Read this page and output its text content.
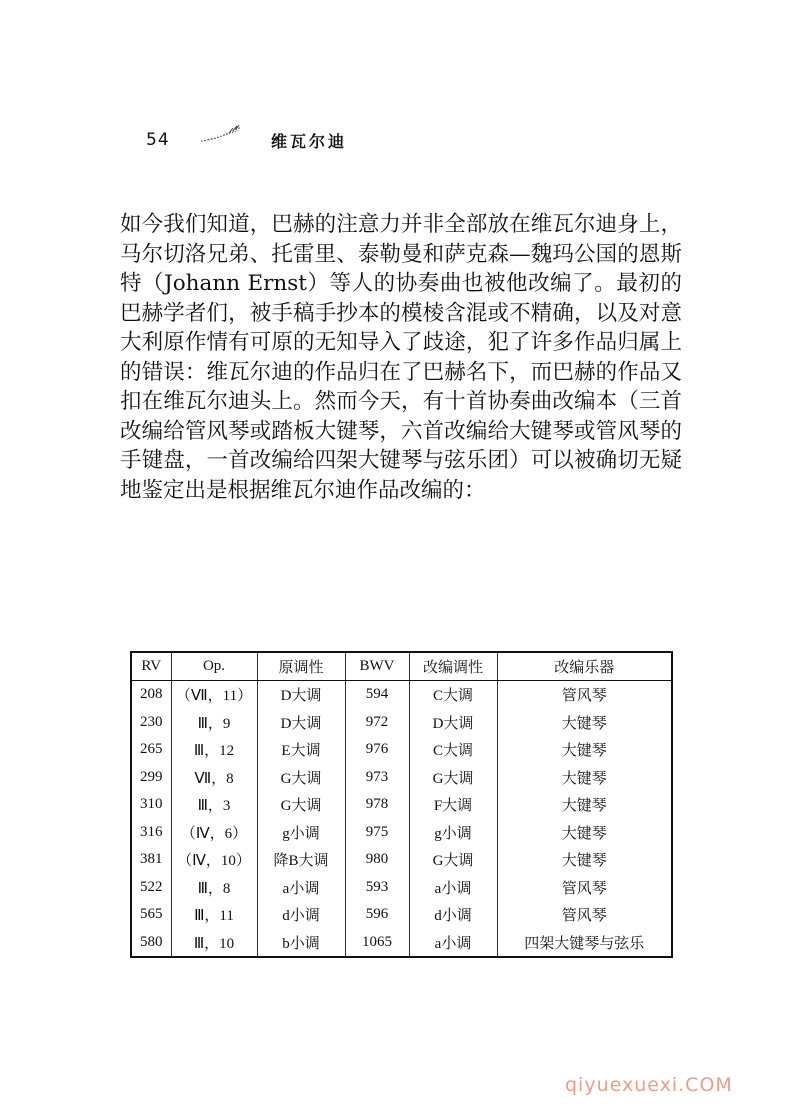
54	维瓦尔迪

如今我们知道，巴赫的注意力并非全部放在维瓦尔迪身上，马尔切洛兄弟、托雷里、泰勒曼和萨克森—魏玛公国的恩斯特（Johann Ernst）等人的协奏曲也被他改编了。最初的巴赫学者们，被手稿手抄本的模棱含混或不精确，以及对意大利原作情有可原的无知导入了歧途，犯了许多作品归属上的错误：维瓦尔迪的作品归在了巴赫名下，而巴赫的作品又扣在维瓦尔迪头上。然而今天，有十首协奏曲改编本（三首改编给管风琴或踏板大键琴，六首改编给大键琴或管风琴的手键盘，一首改编给四架大键琴与弦乐团）可以被确切无疑地鉴定出是根据维瓦尔迪作品改编的：

RV	Op.	原调性	BWV	改编调性	改编乐器
208	（Ⅶ，11）	D大调	594	C大调	管风琴
230	Ⅲ，9	D大调	972	D大调	大键琴
265	Ⅲ，12	E大调	976	C大调	大键琴
299	Ⅶ，8	G大调	973	G大调	大键琴
310	Ⅲ，3	G大调	978	F大调	大键琴
316	（Ⅳ，6）	g小调	975	g小调	大键琴
381	（Ⅳ，10）	降B大调	980	G大调	大键琴
522	Ⅲ，8	a小调	593	a小调	管风琴
565	Ⅲ，11	d小调	596	d小调	管风琴
580	Ⅲ，10	b小调	1065	a小调	四架大键琴与弦乐
qiyuexuexi.COM
